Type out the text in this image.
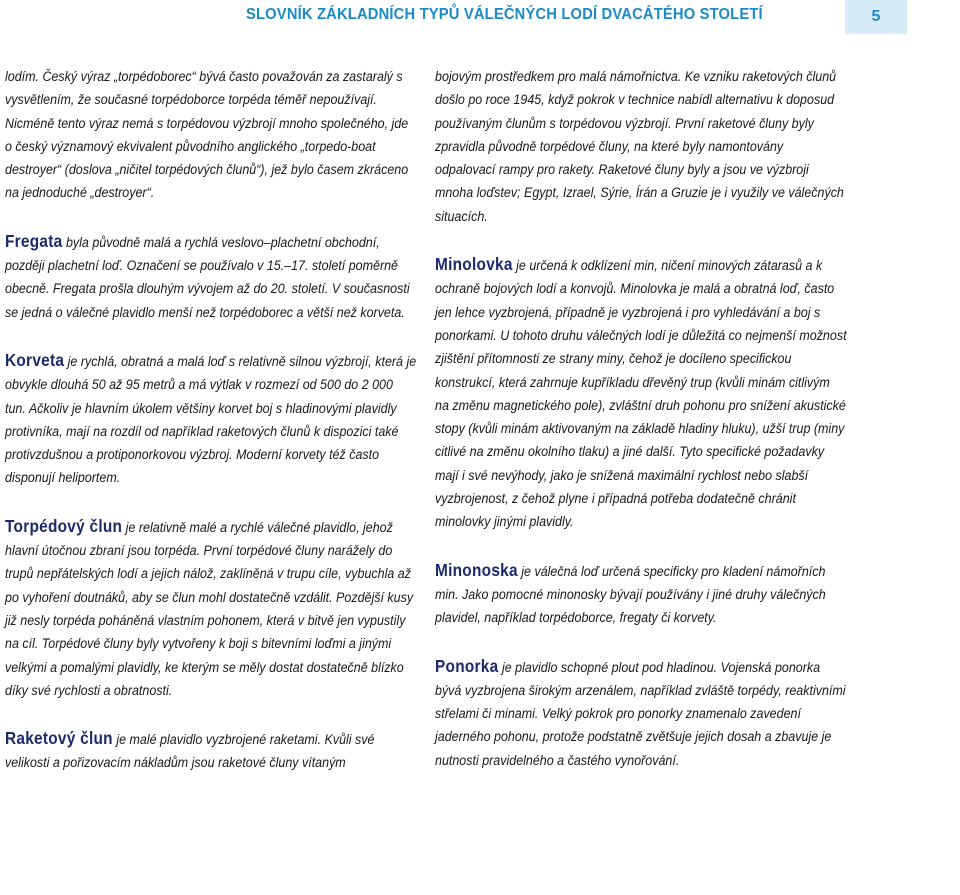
SLOVNÍK ZÁKLADNÍCH TYPŮ VÁLEČNÝCH LODÍ DVACÁTÉHO STOLETÍ	5

lodím. Český výraz „torpédoborec“ bývá často považován za zastaralý s vysvětlením, že současné torpédoborce torpéda téměř nepoužívají. Nicméně tento výraz nemá s torpédovou výzbrojí mnoho společného, jde o český významový ekvivalent původního anglického „torpedo-boat destroyer“ (doslova „ničitel torpédových člunů“), jež bylo časem zkráceno na jednoduché „destroyer“.

Fregata byla původně malá a rychlá veslovo–plachetní obchodní, později plachetní loď. Označení se používalo v 15.–17. století poměrně obecně. Fregata prošla dlouhým vývojem až do 20. století. V současnosti se jedná o válečné plavidlo menší než torpédoborec a větší než korveta.

Korveta je rychlá, obratná a malá loď s relativně silnou výzbrojí, která je obvykle dlouhá 50 až 95 metrů a má výtlak v rozmezí od 500 do 2 000 tun. Ačkoliv je hlavním úkolem většiny korvet boj s hladinovými plavidly protivníka, mají na rozdíl od například raketových člunů k dispozici také protivzdušnou a protiponorkovou výzbroj. Moderní korvety též často disponují heliportem.

Torpédový člun je relativně malé a rychlé válečné plavidlo, jehož hlavní útočnou zbraní jsou torpéda. První torpédové čluny narážely do trupů nepřátelských lodí a jejich nálož, zaklíněná v trupu cíle, vybuchla až po vyhoření doutnáků, aby se člun mohl dostatečně vzdálit. Pozdější kusy již nesly torpéda poháněná vlastním pohonem, která v bitvě jen vypustily na cíl. Torpédové čluny byly vytvořeny k boji s bitevními loďmi a jinými velkými a pomalými plavidly, ke kterým se měly dostat dostatečně blízko díky své rychlosti a obratnosti.

Raketový člun je malé plavidlo vyzbrojené raketami. Kvůli své velikosti a pořizovacím nákladům jsou raketové čluny vítaným

bojovým prostředkem pro malá námořnictva. Ke vzniku raketových člunů došlo po roce 1945, když pokrok v technice nabídl alternativu k doposud používaným člunům s torpédovou výzbrojí. První raketové čluny byly zpravidla původně torpédové čluny, na které byly namontovány odpalovací rampy pro rakety. Raketové čluny byly a jsou ve výzbroji mnoha loďstev; Egypt, Izrael, Sýrie, Írán a Gruzie je i využily ve válečných situacích.

Minolovka je určená k odklízení min, ničení minových zátarasů a k ochraně bojových lodí a konvojů. Minolovka je malá a obratná loď, často jen lehce vyzbrojená, případně je vyzbrojená i pro vyhledávání a boj s ponorkami. U tohoto druhu válečných lodí je důležitá co nejmenší možnost zjištění přítomnosti ze strany miny, čehož je docíleno specifickou konstrukcí, která zahrnuje kupříkladu dřevěný trup (kvůli minám citlivým na změnu magnetického pole), zvláštní druh pohonu pro snížení akustické stopy (kvůli minám aktivovaným na základě hladiny hluku), užší trup (miny citlivé na změnu okolního tlaku) a jiné další. Tyto specifické požadavky mají i své nevýhody, jako je snížená maximální rychlost nebo slabší vyzbrojenost, z čehož plyne i případná potřeba dodatečně chránit minolovky jinými plavidly.

Minonoska je válečná loď určená specificky pro kladení námořních min. Jako pomocné minonosky bývají používány i jiné druhy válečných plavidel, například torpédoborce, fregaty či korvety.

Ponorka je plavidlo schopné plout pod hladinou. Vojenská ponorka bývá vyzbrojena širokým arzenálem, například zvláště torpédy, reaktivními střelami či minami. Velký pokrok pro ponorky znamenalo zavedení jaderného pohonu, protože podstatně zvětšuje jejich dosah a zbavuje je nutnosti pravidelného a častého vynořování.
